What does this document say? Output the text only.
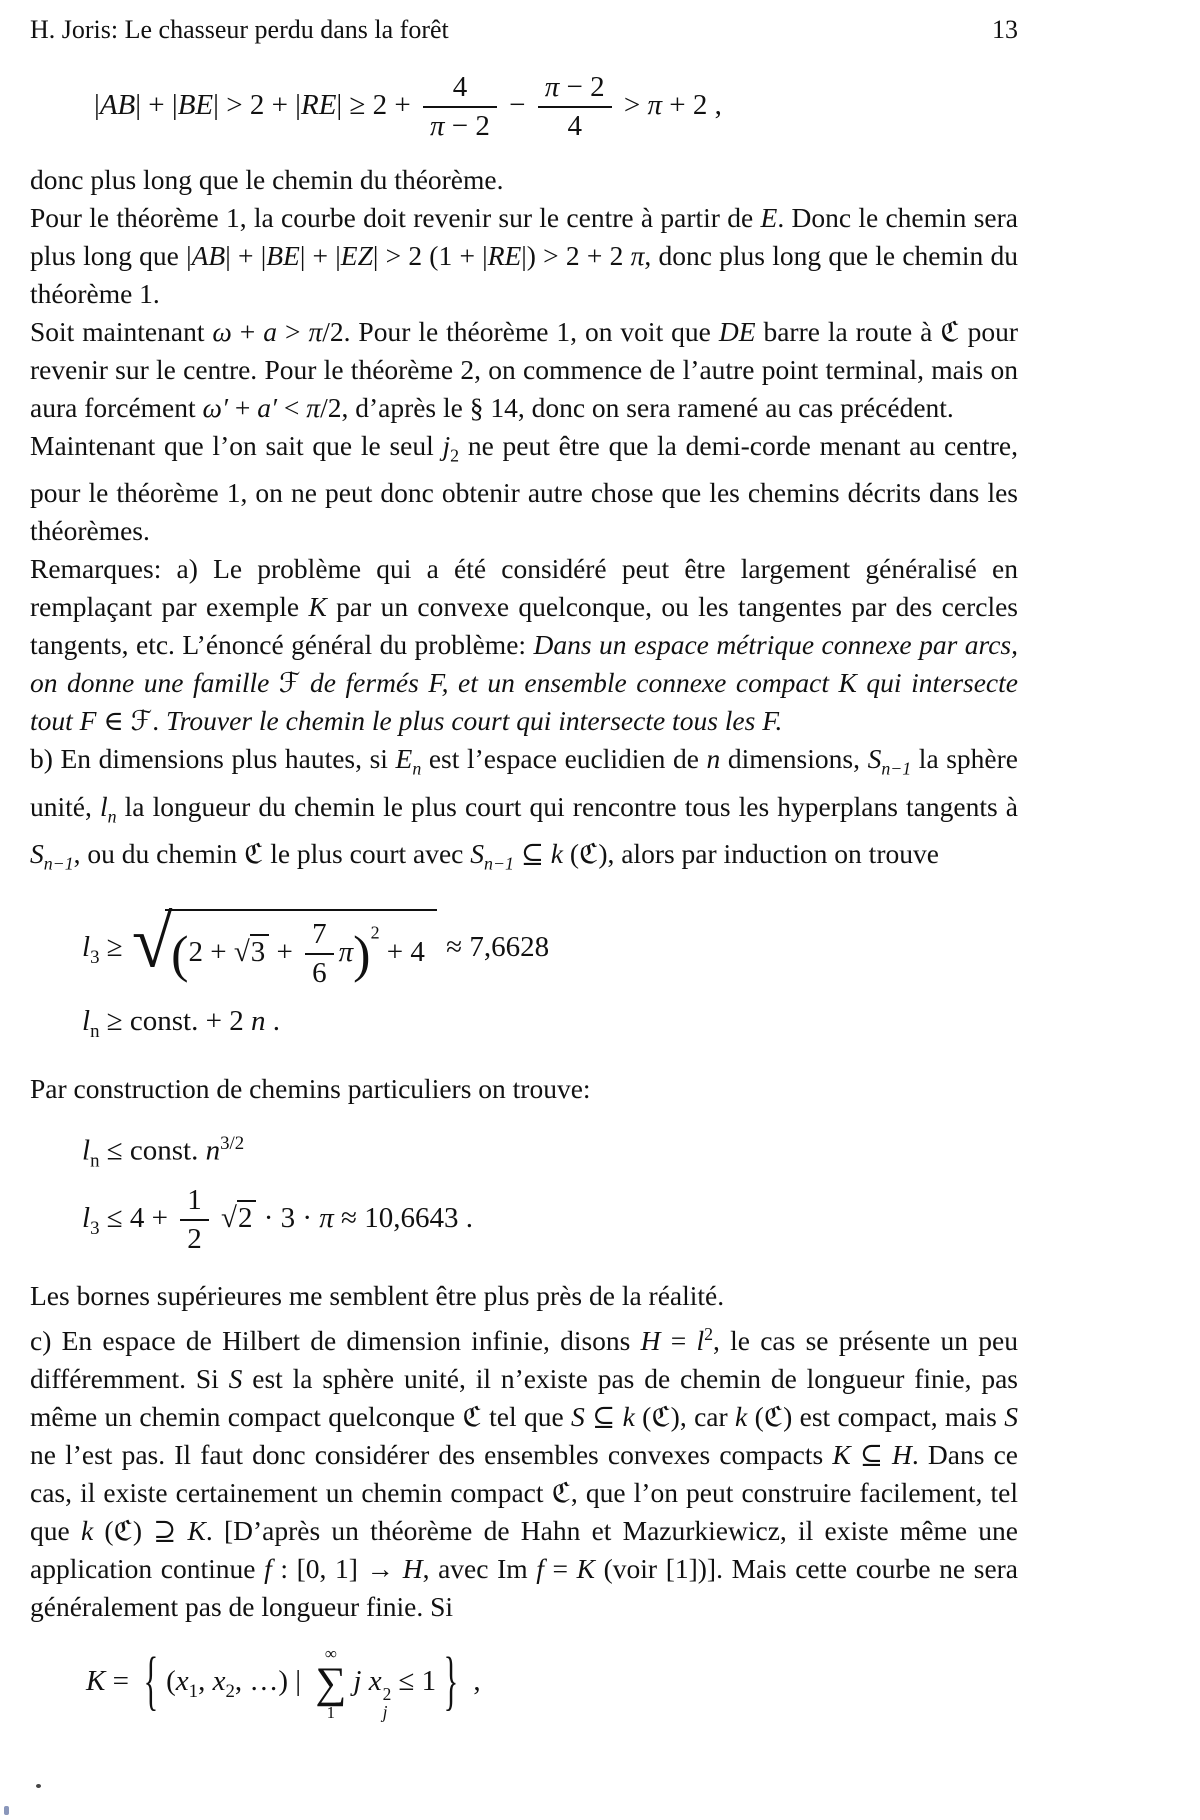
H. Joris: Le chasseur perdu dans la forêt	13
$|AB| + |BE| > 2 + |RE| \ge 2 + \frac{4}{\pi - 2} - \frac{\pi - 2}{4} > \pi + 2$ ,

donc plus long que le chemin du théorème.

Pour le théorème 1, la courbe doit revenir sur le centre à partir de E. Donc le chemin sera plus long que |AB| + |BE| + |EZ| > 2 (1 + |RE|) > 2 + 2 π, donc plus long que le chemin du théorème 1.

Soit maintenant ω + a > π/2. Pour le théorème 1, on voit que DE barre la route à ℭ pour revenir sur le centre. Pour le théorème 2, on commence de l’autre point terminal, mais on aura forcément ω′ + a′ < π/2, d’après le § 14, donc on sera ramené au cas précédent.

Maintenant que l’on sait que le seul $j_2$ ne peut être que la demi-corde menant au centre, pour le théorème 1, on ne peut donc obtenir autre chose que les chemins décrits dans les théorèmes.

Remarques: a) Le problème qui a été considéré peut être largement généralisé en remplaçant par exemple K par un convexe quelconque, ou les tangentes par des cercles tangents, etc. L’énoncé général du problème: Dans un espace métrique connexe par arcs, on donne une famille ℱ de fermés F, et un ensemble connexe compact K qui intersecte tout F ∈ ℱ. Trouver le chemin le plus court qui intersecte tous les F.

b) En dimensions plus hautes, si $E_n$ est l’espace euclidien de n dimensions, $S_{n-1}$ la sphère unité, $l_n$ la longueur du chemin le plus court qui rencontre tous les hyperplans tangents à $S_{n-1}$, ou du chemin ℭ le plus court avec $S_{n-1}$ ⊆ k (ℭ), alors par induction on trouve

$l_3$ ≥ √
$(2 + √3 + \frac{7}{6} \pi)^2 + 4 \approx 7,6628$
$l_n$ ≥ const. + 2 n .

Par construction de chemins particuliers on trouve:

$l_n$ ≤ const. $n^{3/2}$
$l_3 \le 4 + \frac{1}{2} √2 \cdot 3 \cdot \pi \approx 10,6643$ .

Les bornes supérieures me semblent être plus près de la réalité.

c) En espace de Hilbert de dimension infinie, disons $H = l^2$, le cas se présente un peu différemment. Si S est la sphère unité, il n’existe pas de chemin de longueur finie, pas même un chemin compact quelconque ℭ tel que S ⊆ k (ℭ), car k (ℭ) est compact, mais S ne l’est pas. Il faut donc considérer des ensembles convexes compacts K ⊆ H. Dans ce cas, il existe certainement un chemin compact ℭ, que l’on peut construire facilement, tel que k (ℭ) ⊇ K. [D’après un théorème de Hahn et Mazurkiewicz, il existe même une application continue f : [0, 1] → H, avec Im f = K (voir [1])]. Mais cette courbe ne sera généralement pas de longueur finie. Si

K = { ($x_1$, $x_2$, …) |
∞
∑
1
j x 2
j
≤ 1 } ,
